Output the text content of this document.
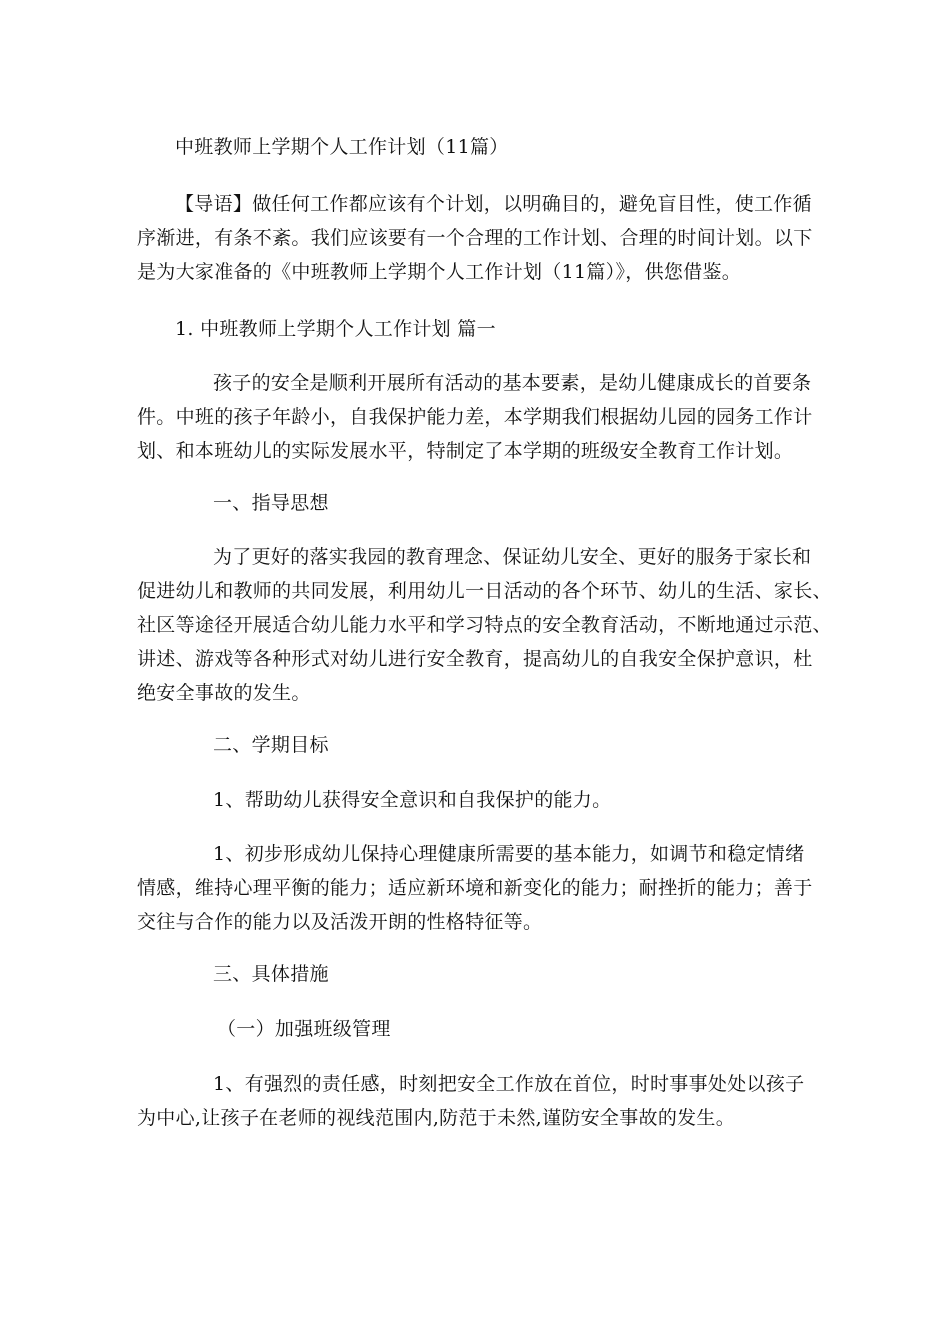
中班教师上学期个人工作计划（11篇）

【导语】做任何工作都应该有个计划，以明确目的，避免盲目性，使工作循
序渐进，有条不紊。我们应该要有一个合理的工作计划、合理的时间计划。以下
是为大家准备的《中班教师上学期个人工作计划（11篇）》，供您借鉴。

1. 中班教师上学期个人工作计划 篇一

孩子的安全是顺利开展所有活动的基本要素，是幼儿健康成长的首要条
件。中班的孩子年龄小，自我保护能力差，本学期我们根据幼儿园的园务工作计
划、和本班幼儿的实际发展水平，特制定了本学期的班级安全教育工作计划。

一、指导思想

为了更好的落实我园的教育理念、保证幼儿安全、更好的服务于家长和
促进幼儿和教师的共同发展，利用幼儿一日活动的各个环节、幼儿的生活、家长、
社区等途径开展适合幼儿能力水平和学习特点的安全教育活动，不断地通过示范、
讲述、游戏等各种形式对幼儿进行安全教育，提高幼儿的自我安全保护意识，杜
绝安全事故的发生。

二、学期目标

1、帮助幼儿获得安全意识和自我保护的能力。

1、初步形成幼儿保持心理健康所需要的基本能力，如调节和稳定情绪
情感，维持心理平衡的能力；适应新环境和新变化的能力；耐挫折的能力；善于
交往与合作的能力以及活泼开朗的性格特征等。

三、具体措施

（一）加强班级管理

1、有强烈的责任感，时刻把安全工作放在首位，时时事事处处以孩子
为中心,让孩子在老师的视线范围内,防范于未然,谨防安全事故的发生。
